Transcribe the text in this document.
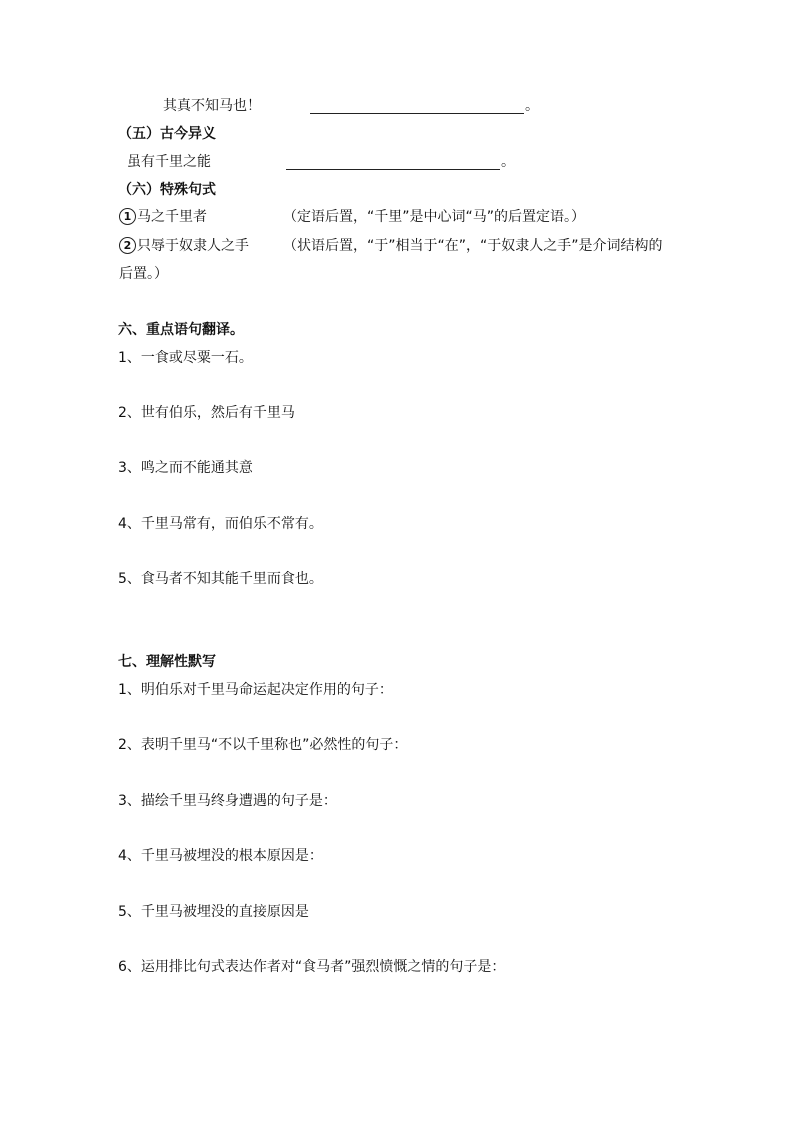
其真不知马也！	。
（五）古今异义
虽有千里之能	。
（六）特殊句式
1 马之千里者	（定语后置，“千里”是中心词“马”的后置定语。）
2 只辱于奴隶人之手 （状语后置，“于”相当于“在”，“于奴隶人之手”是介词结构的
后置。）
六、重点语句翻译。
1、一食或尽粟一石。
2、世有伯乐，然后有千里马
3、鸣之而不能通其意
4、千里马常有，而伯乐不常有。
5、食马者不知其能千里而食也。
七、理解性默写
1、明伯乐对千里马命运起决定作用的句子：
2、表明千里马“不以千里称也”必然性的句子：
3、描绘千里马终身遭遇的句子是：
4、千里马被埋没的根本原因是：
5、千里马被埋没的直接原因是
6、运用排比句式表达作者对“食马者”强烈愤慨之情的句子是：
